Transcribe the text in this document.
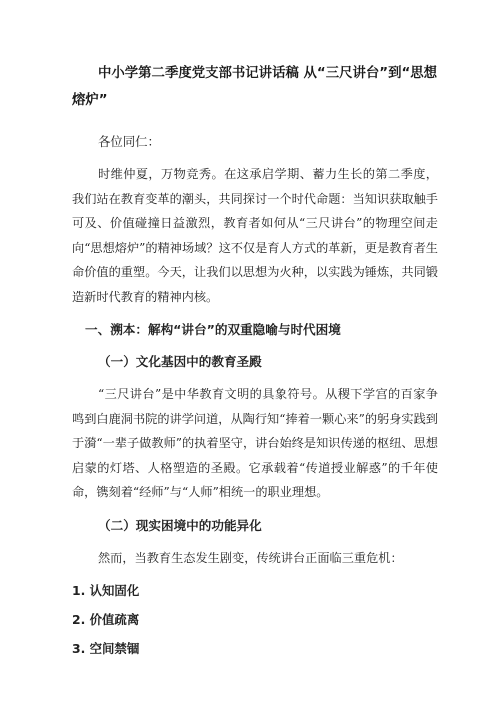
中小学第二季度党支部书记讲话稿 从“三尺讲台”到“思想熔炉”
各位同仁：
时维仲夏，万物竞秀。在这承启学期、蓄力生长的第二季度，我们站在教育变革的潮头，共同探讨一个时代命题：当知识获取触手可及、价值碰撞日益激烈，教育者如何从“三尺讲台”的物理空间走向“思想熔炉”的精神场域？这不仅是育人方式的革新，更是教育者生命价值的重塑。今天，让我们以思想为火种，以实践为锤炼，共同锻造新时代教育的精神内核。
一、溯本：解构“讲台”的双重隐喻与时代困境
（一）文化基因中的教育圣殿
“三尺讲台”是中华教育文明的具象符号。从稷下学宫的百家争鸣到白鹿洞书院的讲学问道，从陶行知“捧着一颗心来”的躬身实践到于漪“一辈子做教师”的执着坚守，讲台始终是知识传递的枢纽、思想启蒙的灯塔、人格塑造的圣殿。它承载着“传道授业解惑”的千年使命，镌刻着“经师”与“人师”相统一的职业理想。
（二）现实困境中的功能异化
然而，当教育生态发生剧变，传统讲台正面临三重危机：
1. 认知固化
2. 价值疏离
3. 空间禁锢
